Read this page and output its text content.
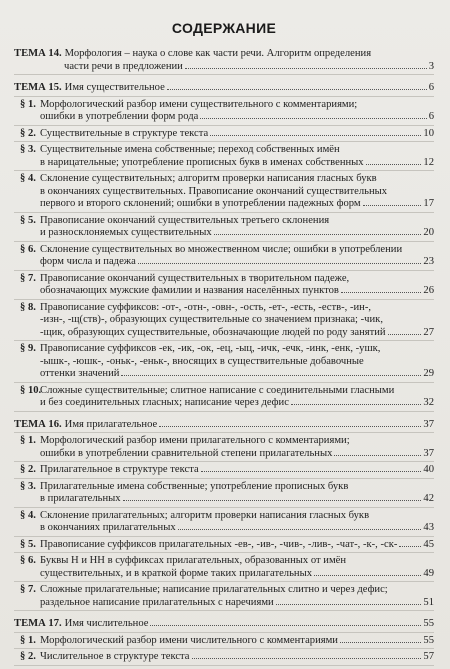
СОДЕРЖАНИЕ
ТЕМА 14. Морфология – наука о слове как части речи. Алгоритм определения
части речи в предложении	3
ТЕМА 15. Имя существительное	6
§ 1. Морфологический разбор имени существительного с комментариями;
ошибки в употреблении форм рода	6
§ 2. Существительные в структуре текста	10
§ 3. Существительные имена собственные; переход собственных имён
в нарицательные; употребление прописных букв в именах собственных	12
§ 4. Склонение существительных; алгоритм проверки написания гласных букв
в окончаниях существительных. Правописание окончаний существительных
первого и второго склонений; ошибки в употреблении падежных форм	17
§ 5. Правописание окончаний существительных третьего склонения
и разносклоняемых существительных	20
§ 6. Склонение существительных во множественном числе; ошибки в употреблении
форм числа и падежа	23
§ 7. Правописание окончаний существительных в творительном падеже,
обозначающих мужские фамилии и названия населённых пунктов	26
§ 8. Правописание суффиксов: -от-, -отн-, -овн-, -ость, -ет-, -есть, -еств-, -ин-,
-изн-, -щ(ств)-, образующих существительные со значением признака; -чик,
-щик, образующих существительные, обозначающие людей по роду занятий	27
§ 9. Правописание суффиксов -ек, -ик, -ок, -ец, -ыц, -ичк, -ечк, -инк, -енк, -ушк,
-ышк-, -юшк-, -оньк-, -еньк-, вносящих в существительные добавочные
оттенки значений	29
§ 10.
Сложные существительные; слитное написание с соединительными гласными
и без соединительных гласных; написание через дефис	32
ТЕМА 16. Имя прилагательное	37
§ 1. Морфологический разбор имени прилагательного с комментариями;
ошибки в употреблении сравнительной степени прилагательных	37
§ 2. Прилагательное в структуре текста	40
§ 3. Прилагательные имена собственные; употребление прописных букв
в прилагательных	42
§ 4. Склонение прилагательных; алгоритм проверки написания гласных букв
в окончаниях прилагательных	43
§ 5. Правописание суффиксов прилагательных -ев-, -ив-, -чив-, -лив-, -чат-, -к-, -ск- 45
§ 6. Буквы Н и НН в суффиксах прилагательных, образованных от имён
существительных, и в краткой форме таких прилагательных	49
§ 7. Сложные прилагательные; написание прилагательных слитно и через дефис;
раздельное написание прилагательных с наречиями	51
ТЕМА 17. Имя числительное	55
§ 1. Морфологический разбор имени числительного с комментариями	55
§ 2. Числительное в структуре текста	57
